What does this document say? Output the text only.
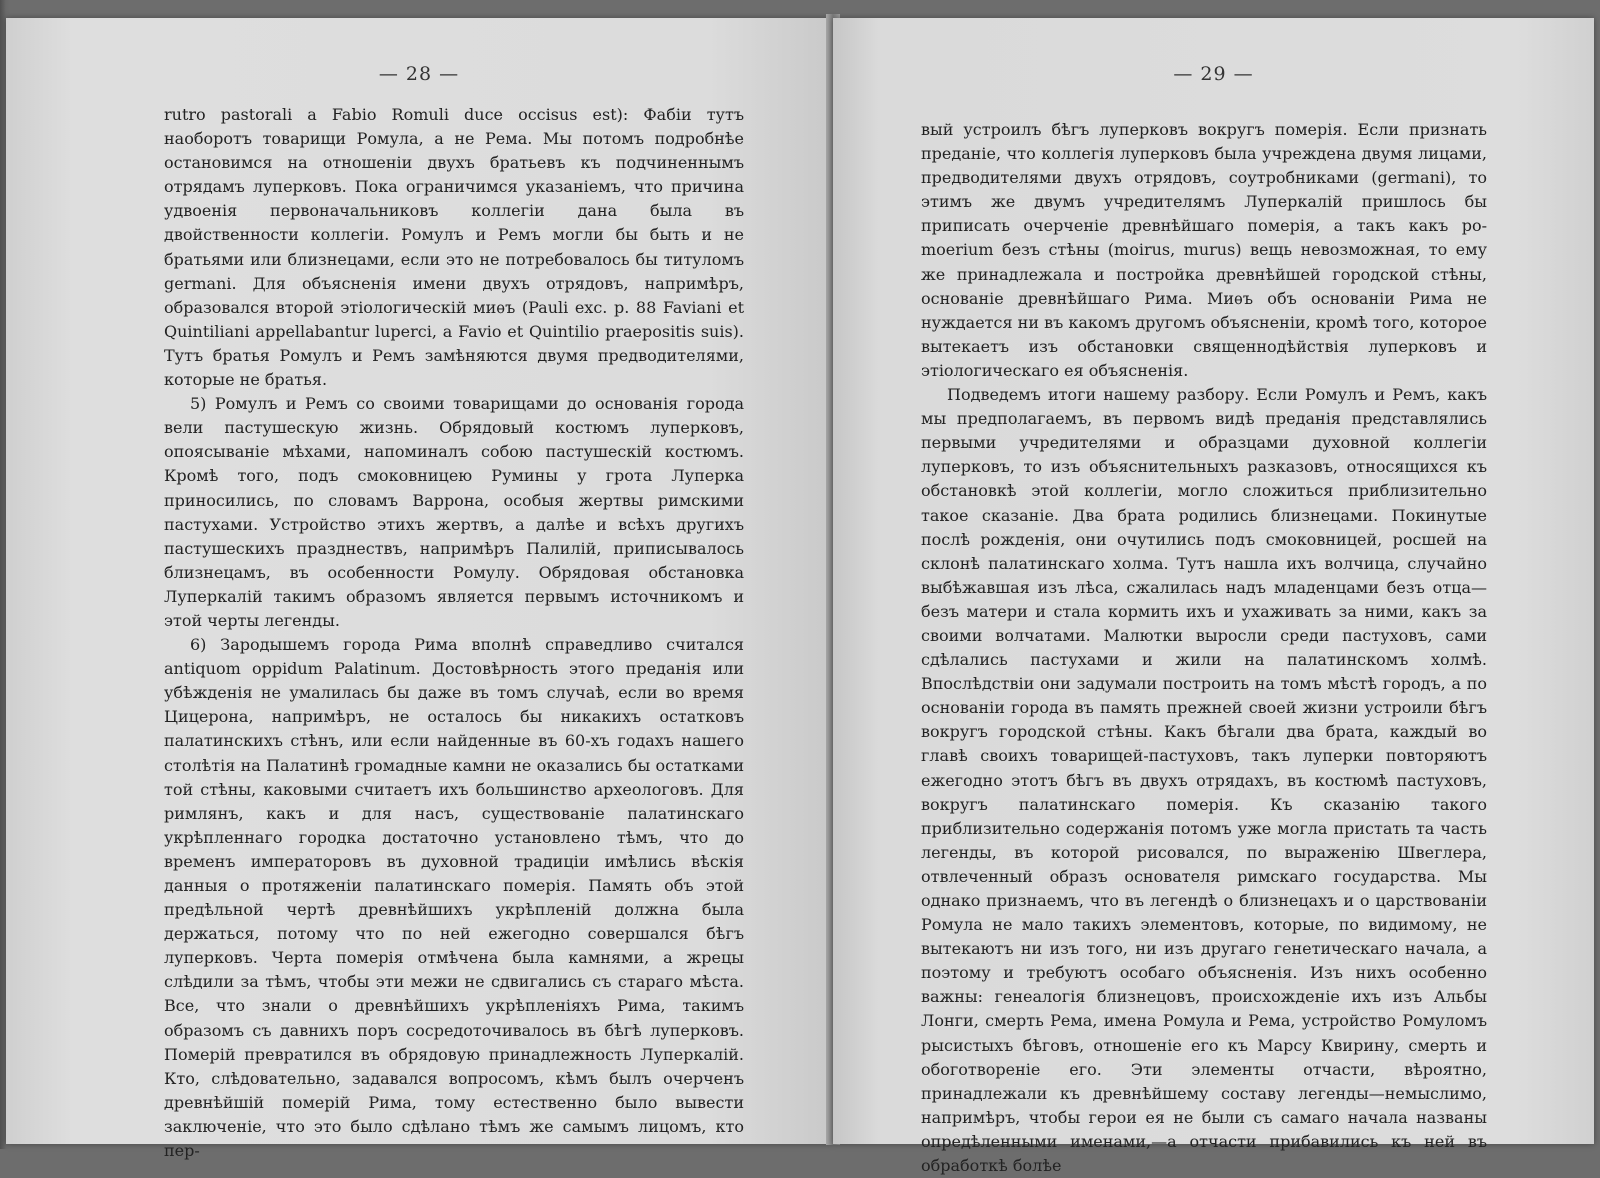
— 28 —

rutro pastorali a Fabio Romuli duce occisus est): Фабіи тутъ наоборотъ товарищи Ромула, а не Рема. Мы потомъ подробнѣе остановимся на отношеніи двухъ братьевъ къ подчиненнымъ отрядамъ луперковъ. Пока ограничимся указаніемъ, что причина удвоенія первоначальниковъ коллегіи дана была въ двойственности коллегіи. Ромулъ и Ремъ могли бы быть и не братьями или близнецами, если это не потребовалось бы титуломъ germani. Для объясненія имени двухъ отрядовъ, напримѣръ, образовался второй этіологическій миѳъ (Pauli exc. p. 88 Faviani et Quintiliani appellabantur luperci, a Favio et Quintilio praepositis suis). Тутъ братья Ромулъ и Ремъ замѣняются двумя предводителями, которые не братья.

5) Ромулъ и Ремъ со своими товарищами до основанія города вели пастушескую жизнь. Обрядовый костюмъ луперковъ, опоясываніе мѣхами, напоминалъ собою пастушескій костюмъ. Кромѣ того, подъ смоковницею Румины у грота Луперка приносились, по словамъ Варрона, особыя жертвы римскими пастухами. Устройство этихъ жертвъ, а далѣе и всѣхъ другихъ пастушескихъ празднествъ, напримѣръ Палилій, приписывалось близнецамъ, въ особенности Ромулу. Обрядовая обстановка Луперкалій такимъ образомъ является первымъ источникомъ и этой черты легенды.

6) Зародышемъ города Рима вполнѣ справедливо считался antiquom oppidum Palatinum. Достовѣрность этого преданія или убѣжденія не умалилась бы даже въ томъ случаѣ, если во время Цицерона, напримѣръ, не осталось бы никакихъ остатковъ палатинскихъ стѣнъ, или если найденные въ 60-хъ годахъ нашего столѣтія на Палатинѣ громадные камни не оказались бы остатками той стѣны, каковыми считаетъ ихъ большинство археологовъ. Для римлянъ, какъ и для насъ, существованіе палатинскаго укрѣпленнаго городка достаточно установлено тѣмъ, что до временъ императоровъ въ духовной традиціи имѣлись вѣскія данныя о протяженіи палатинскаго померія. Память объ этой предѣльной чертѣ древнѣйшихъ укрѣпленій должна была держаться, потому что по ней ежегодно совершался бѣгъ луперковъ. Черта померія отмѣчена была камнями, а жрецы слѣдили за тѣмъ, чтобы эти межи не сдвигались съ стараго мѣста. Все, что знали о древнѣйшихъ укрѣпленіяхъ Рима, такимъ образомъ съ давнихъ поръ сосредоточивалось въ бѣгѣ луперковъ. Померій превратился въ обрядовую принадлежность Луперкалій. Кто, слѣдовательно, задавался вопросомъ, кѣмъ былъ очерченъ древнѣйшій померій Рима, тому естественно было вывести заключеніе, что это было сдѣлано тѣмъ же самымъ лицомъ, кто пер-

— 29 —

вый устроилъ бѣгъ луперковъ вокругъ померія. Если признать преданіе, что коллегія луперковъ была учреждена двумя лицами, предводителями двухъ отрядовъ, соутробниками (germani), то этимъ же двумъ учредителямъ Луперкалій пришлось бы приписать очерченіе древнѣйшаго померія, а такъ какъ po-moerium безъ стѣны (moirus, murus) вещь невозможная, то ему же принадлежала и постройка древнѣйшей городской стѣны, основаніе древнѣйшаго Рима. Миѳъ объ основаніи Рима не нуждается ни въ какомъ другомъ объясненіи, кромѣ того, которое вытекаетъ изъ обстановки священнодѣйствія луперковъ и этіологическаго ея объясненія.

Подведемъ итоги нашему разбору. Если Ромулъ и Ремъ, какъ мы предполагаемъ, въ первомъ видѣ преданія представлялись первыми учредителями и образцами духовной коллегіи луперковъ, то изъ объяснительныхъ разказовъ, относящихся къ обстановкѣ этой коллегіи, могло сложиться приблизительно такое сказаніе. Два брата родились близнецами. Покинутые послѣ рожденія, они очутились подъ смоковницей, росшей на склонѣ палатинскаго холма. Тутъ нашла ихъ волчица, случайно выбѣжавшая изъ лѣса, сжалилась надъ младенцами безъ отца—безъ матери и стала кормить ихъ и ухаживать за ними, какъ за своими волчатами. Малютки выросли среди пастуховъ, сами сдѣлались пастухами и жили на палатинскомъ холмѣ. Впослѣдствіи они задумали построить на томъ мѣстѣ городъ, а по основаніи города въ память прежней своей жизни устроили бѣгъ вокругъ городской стѣны. Какъ бѣгали два брата, каждый во главѣ своихъ товарищей-пастуховъ, такъ луперки повторяютъ ежегодно этотъ бѣгъ въ двухъ отрядахъ, въ костюмѣ пастуховъ, вокругъ палатинскаго померія. Къ сказанію такого приблизительно содержанія потомъ уже могла пристать та часть легенды, въ которой рисовался, по выраженію Швеглера, отвлеченный образъ основателя римскаго государства. Мы однако признаемъ, что въ легендѣ о близнецахъ и о царствованіи Ромула не мало такихъ элементовъ, которые, по видимому, не вытекаютъ ни изъ того, ни изъ другаго генетическаго начала, а поэтому и требуютъ особаго объясненія. Изъ нихъ особенно важны: генеалогія близнецовъ, происхожденіе ихъ изъ Альбы Лонги, смерть Рема, имена Ромула и Рема, устройство Ромуломъ рысистыхъ бѣговъ, отношеніе его къ Марсу Квирину, смерть и обоготвореніе его. Эти элементы отчасти, вѣроятно, принадлежали къ древнѣйшему составу легенды—немыслимо, напримѣръ, чтобы герои ея не были съ самаго начала названы опредѣленными именами,—а отчасти прибавились къ ней въ обработкѣ болѣе
